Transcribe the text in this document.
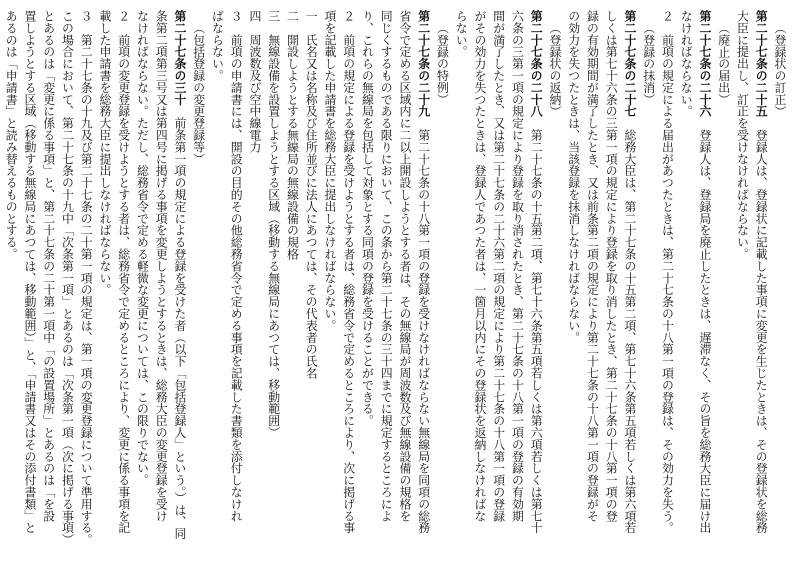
（登録状の訂正）
第二十七条の二十五　登録人は、登録状に記載した事項に変更を生じたときは、その登録状を総務
大臣に提出し、訂正を受けなければならない。
（廃止の届出）
第二十七条の二十六　登録人は、登録局を廃止したときは、遅滞なく、その旨を総務大臣に届け出
なければならない。
２　前項の規定による届出があつたときは、第二十七条の十八第一項の登録は、その効力を失う。
（登録の抹消）
第二十七条の二十七　総務大臣は、第二十七条の十五第二項、第七十六条第五項若しくは第六項若
しくは第七十六条の三第一項の規定により登録を取り消したとき、第二十七条の十八第一項の登
録の有効期間が満了したとき、又は前条第二項の規定により第二十七条の十八第一項の登録がそ
の効力を失つたときは、当該登録を抹消しなければならない。
（登録状の返納）
第二十七条の二十八　第二十七条の十五第二項、第七十六条第五項若しくは第六項若しくは第七十
六条の三第一項の規定により登録を取り消されたとき、第二十七条の十八第一項の登録の有効期
間が満了したとき、又は第二十七条の二十六第二項の規定により第二十七条の十八第一項の登録
がその効力を失つたときは、登録人であつた者は、一箇月以内にその登録状を返納しなければな
らない。
（登録の特例）
第二十七条の二十九　第二十七条の十八第一項の登録を受けなければならない無線局を同項の総務
省令で定める区域内に二以上開設しようとする者は、その無線局が周波数及び無線設備の規格を
同じくするものである限りにおいて、この条から第二十七条の三十四までに規定するところによ
り、これらの無線局を包括して対象とする同項の登録を受けることができる。
２　前項の規定による登録を受けようとする者は、総務省令で定めるところにより、次に掲げる事
項を記載した申請書を総務大臣に提出しなければならない。
一　氏名又は名称及び住所並びに法人にあつては、その代表者の氏名
二　開設しようとする無線局の無線設備の規格
三　無線設備を設置しようとする区域（移動する無線局にあつては、移動範囲）
四　周波数及び空中線電力
３　前項の申請書には、開設の目的その他総務省令で定める事項を記載した書類を添付しなけれ
ばならない。
（包括登録の変更登録等）
第二十七条の三十　前条第一項の規定による登録を受けた者（以下「包括登録人」という。）は、同
条第二項第三号又は第四号に掲げる事項を変更しようとするときは、総務大臣の変更登録を受け
なければならない。ただし、総務省令で定める軽微な変更については、この限りでない。
２　前項の変更登録を受けようとする者は、総務省令で定めるところにより、変更に係る事項を記
載した申請書を総務大臣に提出しなければならない。
３　第二十七条の十九及び第二十七条の二十第一項の規定は、第一項の変更登録について準用する。
この場合において、第二十七条の十九中「次条第一項」とあるのは「次条第一項（次に掲げる事項）
とあるのは「変更に係る事項」と、第二十七条の二十第一項中「の設置場所」とあるのは「を設
置しようとする区域（移動する無線局にあつては、移動範囲）」と、「申請書又はその添付書類」と
あるのは「申請書」と読み替えるものとする。
